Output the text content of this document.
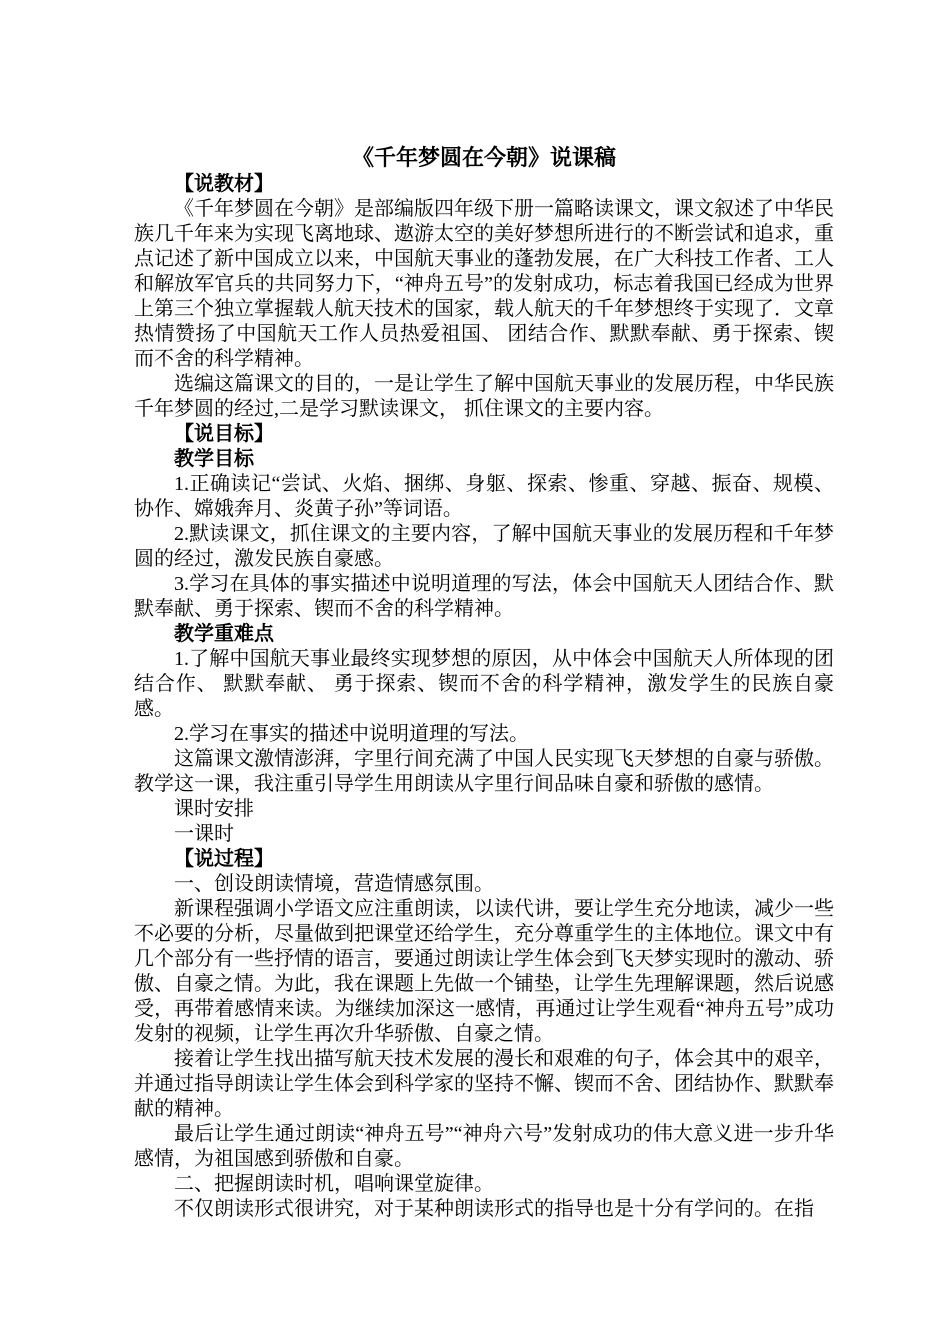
《千年梦圆在今朝》说课稿

【说教材】

《千年梦圆在今朝》是部编版四年级下册一篇略读课文，课文叙述了中华民族几千年来为实现飞离地球、遨游太空的美好梦想所进行的不断尝试和追求，重点记述了新中国成立以来，中国航天事业的蓬勃发展，在广大科技工作者、工人和解放军官兵的共同努力下，“神舟五号”的发射成功，标志着我国已经成为世界上第三个独立掌握载人航天技术的国家，载人航天的千年梦想终于实现了．文章热情赞扬了中国航天工作人员热爱祖国、 团结合作、默默奉献、勇于探索、锲而不舍的科学精神。

选编这篇课文的目的，一是让学生了解中国航天事业的发展历程，中华民族千年梦圆的经过,二是学习默读课文， 抓住课文的主要内容。

【说目标】

教学目标

1.正确读记“尝试、火焰、捆绑、身躯、探索、惨重、穿越、振奋、规模、协作、嫦娥奔月、炎黄子孙”等词语。

2.默读课文，抓住课文的主要内容，了解中国航天事业的发展历程和千年梦圆的经过，激发民族自豪感。

3.学习在具体的事实描述中说明道理的写法，体会中国航天人团结合作、默默奉献、勇于探索、锲而不舍的科学精神。

教学重难点

1.了解中国航天事业最终实现梦想的原因，从中体会中国航天人所体现的团结合作、 默默奉献、 勇于探索、锲而不舍的科学精神，激发学生的民族自豪感。

2.学习在事实的描述中说明道理的写法。

这篇课文激情澎湃，字里行间充满了中国人民实现飞天梦想的自豪与骄傲。教学这一课，我注重引导学生用朗读从字里行间品味自豪和骄傲的感情。

课时安排

一课时

【说过程】

一、创设朗读情境，营造情感氛围。

新课程强调小学语文应注重朗读，以读代讲，要让学生充分地读，减少一些不必要的分析，尽量做到把课堂还给学生，充分尊重学生的主体地位。课文中有几个部分有一些抒情的语言，要通过朗读让学生体会到飞天梦实现时的激动、骄傲、自豪之情。为此，我在课题上先做一个铺垫，让学生先理解课题，然后说感受，再带着感情来读。为继续加深这一感情，再通过让学生观看“神舟五号”成功发射的视频，让学生再次升华骄傲、自豪之情。

接着让学生找出描写航天技术发展的漫长和艰难的句子，体会其中的艰辛，并通过指导朗读让学生体会到科学家的坚持不懈、锲而不舍、团结协作、默默奉献的精神。

最后让学生通过朗读“神舟五号”“神舟六号”发射成功的伟大意义进一步升华感情，为祖国感到骄傲和自豪。

二、把握朗读时机，唱响课堂旋律。

不仅朗读形式很讲究，对于某种朗读形式的指导也是十分有学问的。在指
